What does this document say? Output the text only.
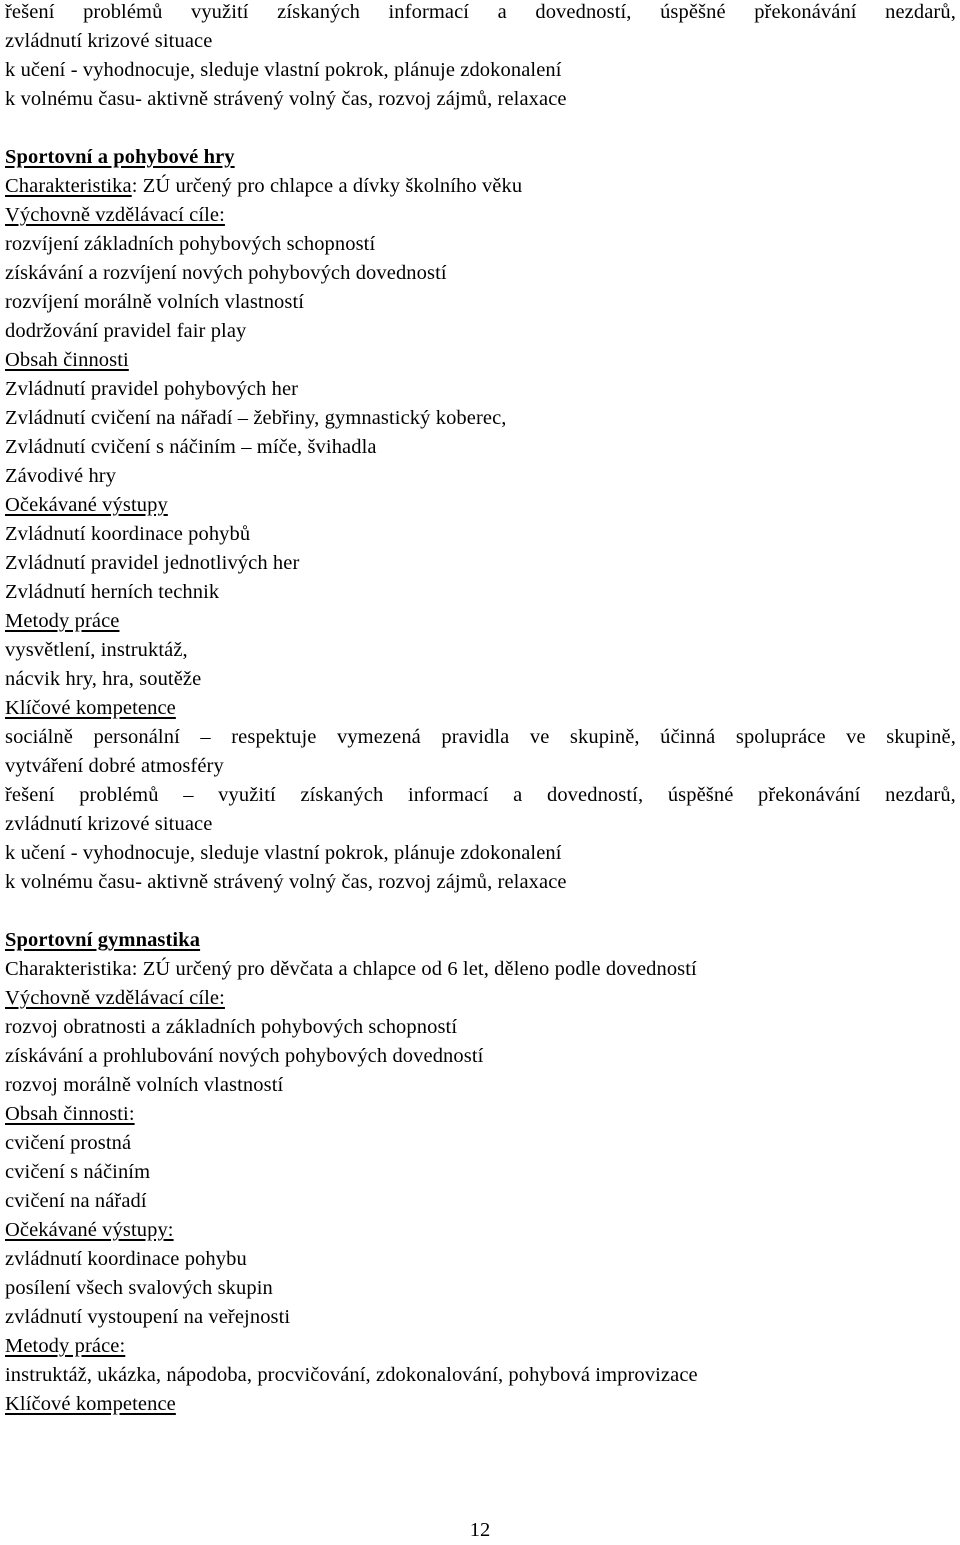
řešení problémů využití získaných informací a dovedností, úspěšné překonávání nezdarů,
zvládnutí krizové situace
k učení - vyhodnocuje, sleduje vlastní pokrok, plánuje zdokonalení
k volnému času- aktivně strávený volný čas, rozvoj zájmů, relaxace
Sportovní a pohybové hry
Charakteristika: ZÚ určený pro chlapce a dívky školního věku
Výchovně vzdělávací cíle:
rozvíjení základních pohybových schopností
získávání a rozvíjení nových pohybových dovedností
rozvíjení morálně volních vlastností
dodržování pravidel fair play
Obsah činnosti
Zvládnutí pravidel pohybových her
Zvládnutí cvičení na nářadí – žebřiny, gymnastický koberec,
Zvládnutí cvičení s náčiním – míče, švihadla
Závodivé hry
Očekávané výstupy
Zvládnutí koordinace pohybů
Zvládnutí pravidel jednotlivých her
Zvládnutí herních technik
Metody práce
vysvětlení, instruktáž,
nácvik hry, hra, soutěže
Klíčové kompetence
sociálně personální – respektuje vymezená pravidla ve skupině, účinná spolupráce ve skupině,
vytváření dobré atmosféry
řešení problémů – využití získaných informací a dovedností, úspěšné překonávání nezdarů,
zvládnutí krizové situace
k učení - vyhodnocuje, sleduje vlastní pokrok, plánuje zdokonalení
k volnému času- aktivně strávený volný čas, rozvoj zájmů, relaxace
Sportovní gymnastika
Charakteristika: ZÚ určený pro děvčata a chlapce od 6 let, děleno podle dovedností
Výchovně vzdělávací cíle:
rozvoj obratnosti a základních pohybových schopností
získávání a prohlubování nových pohybových dovedností
rozvoj morálně volních vlastností
Obsah činnosti:
cvičení prostná
cvičení s náčiním
cvičení na nářadí
Očekávané výstupy:
zvládnutí koordinace pohybu
posílení všech svalových skupin
zvládnutí vystoupení na veřejnosti
Metody práce:
instruktáž, ukázka, nápodoba, procvičování, zdokonalování, pohybová improvizace
Klíčové kompetence
12
